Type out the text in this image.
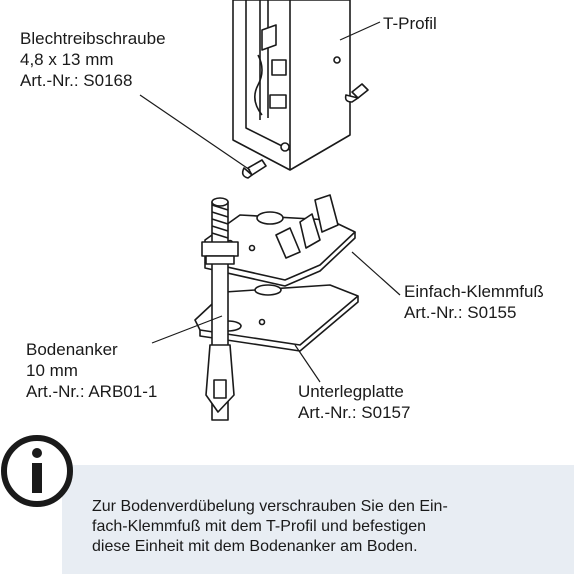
Blechtreibschraube
4,8 x 13 mm
Art.-Nr.: S0168
T-Profil
Einfach-Klemmfuß
Art.-Nr.: S0155
Bodenanker
10 mm
Art.-Nr.: ARB01-1	Unterlegplatte
Art.-Nr.: S0157
Zur Bodenverdübelung verschrauben Sie den Ein-
fach-Klemmfuß mit dem T-Profil und befestigen
diese Einheit mit dem Bodenanker am Boden.
